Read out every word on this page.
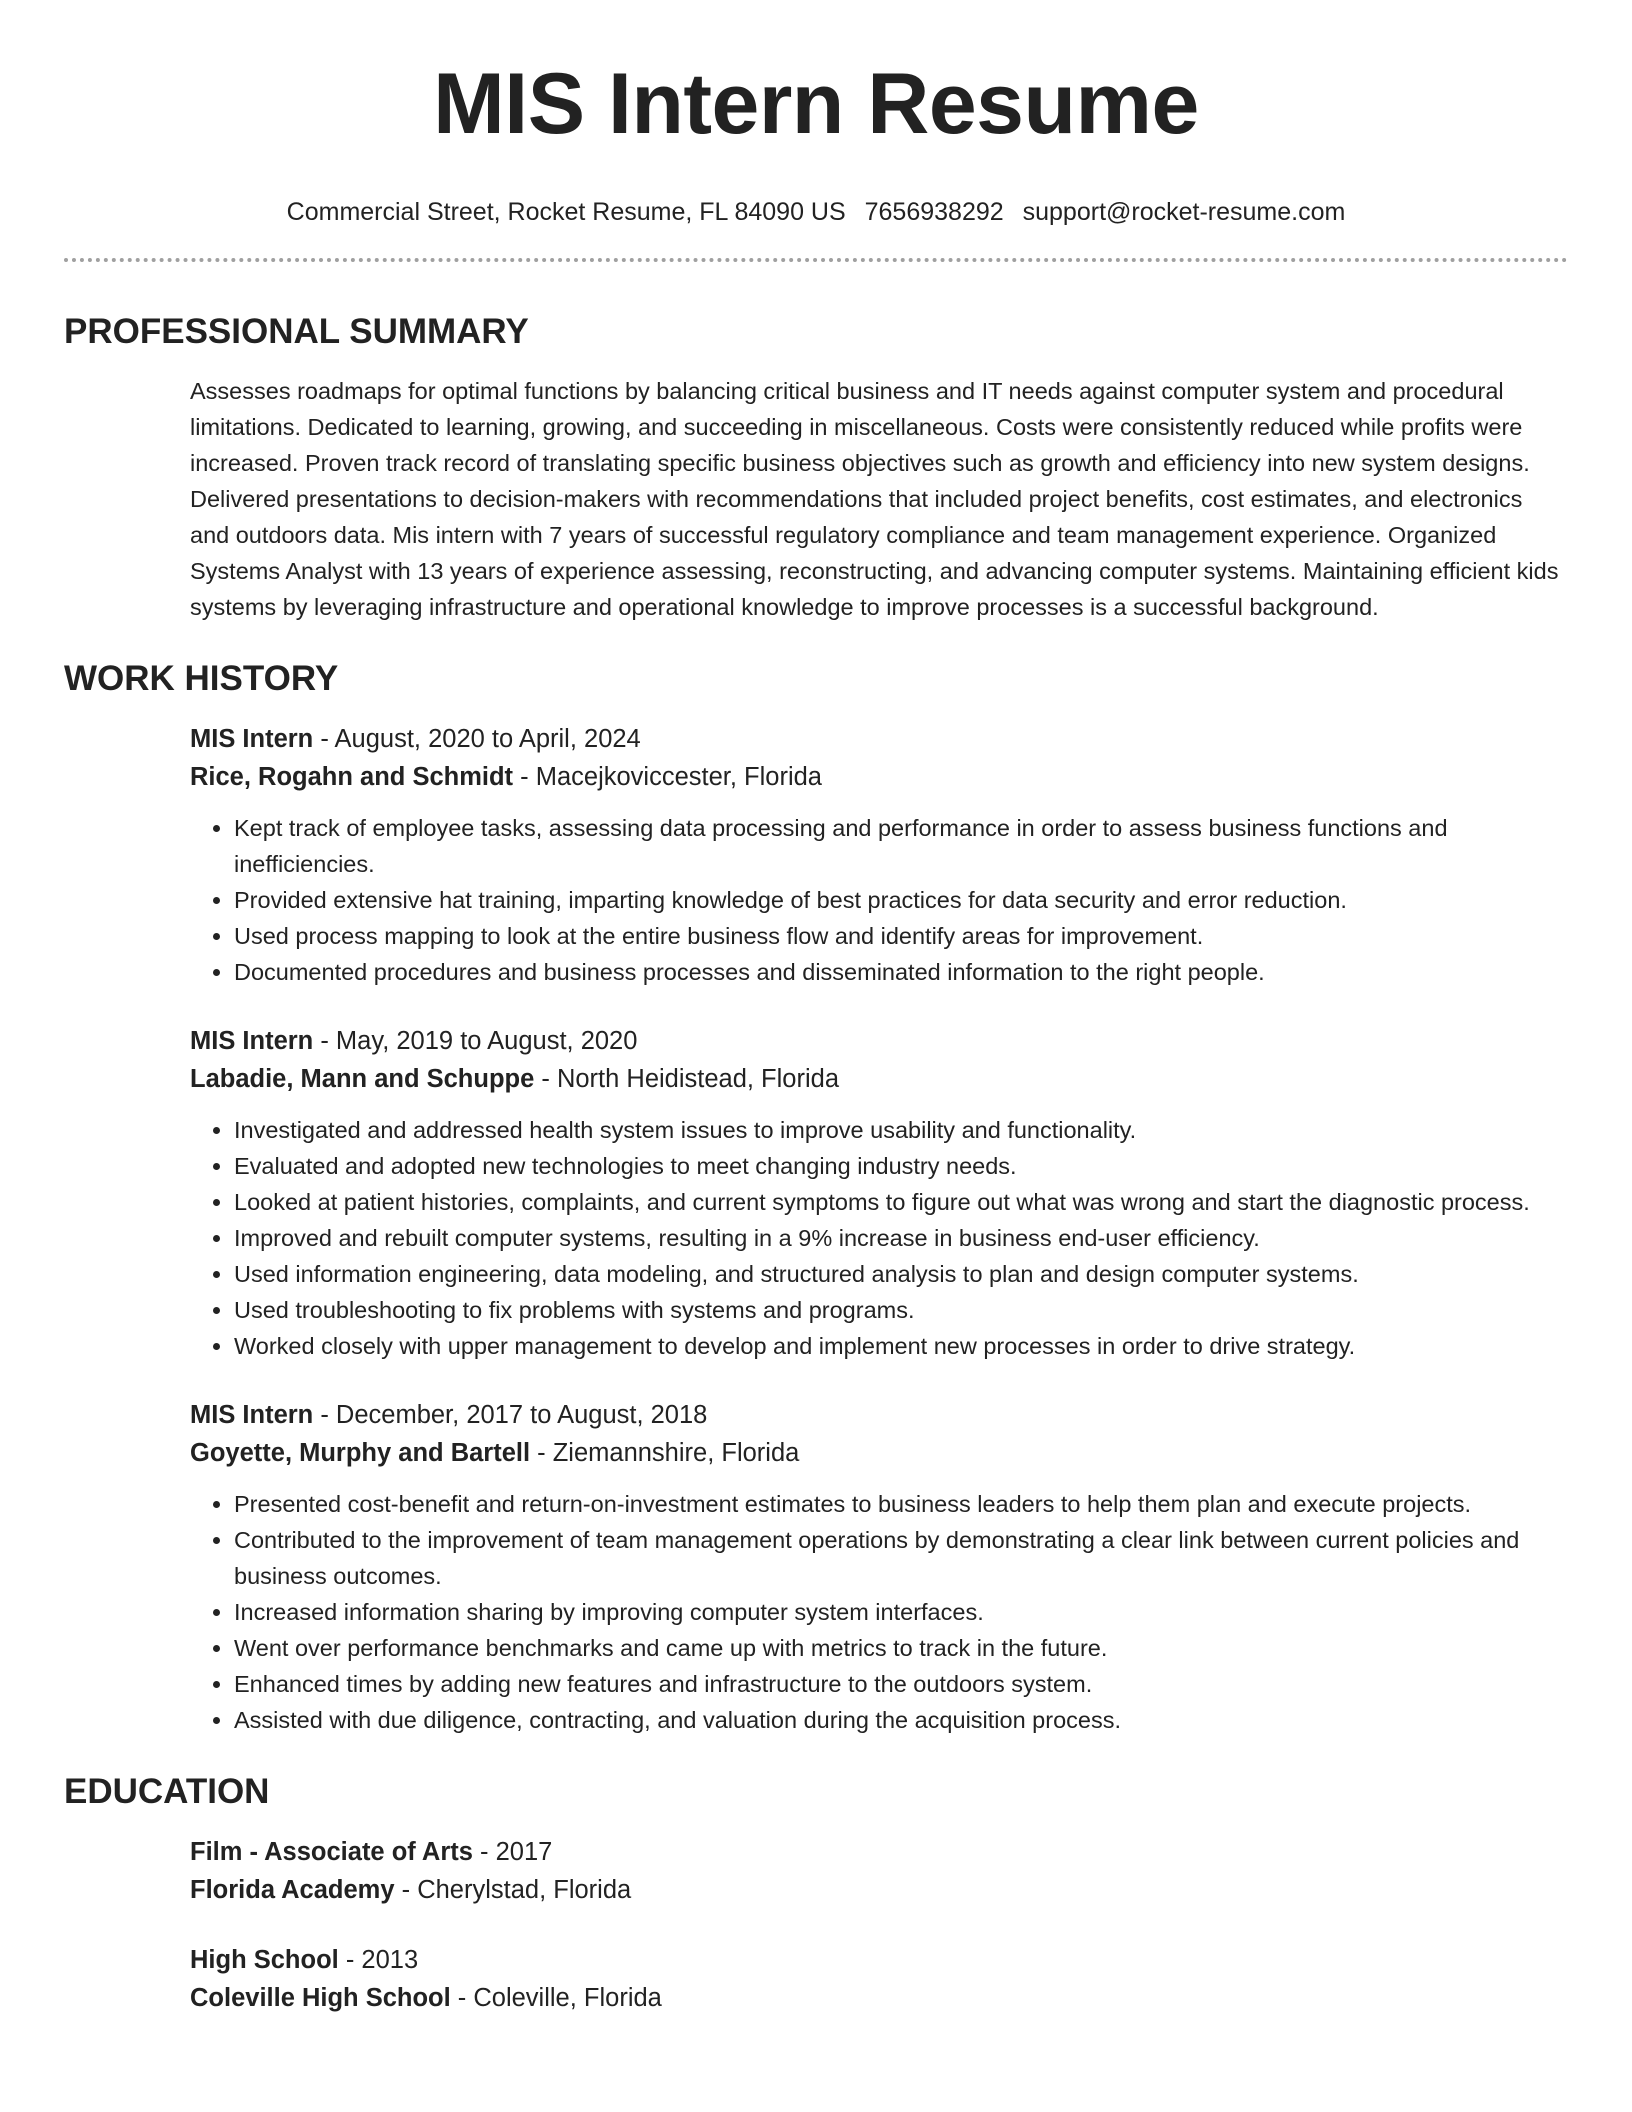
MIS Intern Resume
Commercial Street, Rocket Resume, FL 84090 US 7656938292 support@rocket-resume.com
PROFESSIONAL SUMMARY

Assesses roadmaps for optimal functions by balancing critical business and IT needs against computer system and procedural limitations. Dedicated to learning, growing, and succeeding in miscellaneous. Costs were consistently reduced while profits were increased. Proven track record of translating specific business objectives such as growth and efficiency into new system designs. Delivered presentations to decision-makers with recommendations that included project benefits, cost estimates, and electronics and outdoors data. Mis intern with 7 years of successful regulatory compliance and team management experience. Organized Systems Analyst with 13 years of experience assessing, reconstructing, and advancing computer systems. Maintaining efficient kids systems by leveraging infrastructure and operational knowledge to improve processes is a successful background.

WORK HISTORY
MIS Intern - August, 2020 to April, 2024
Rice, Rogahn and Schmidt - Macejkoviccester, Florida
• Kept track of employee tasks, assessing data processing and performance in order to assess business functions and inefficiencies.
• Provided extensive hat training, imparting knowledge of best practices for data security and error reduction.
• Used process mapping to look at the entire business flow and identify areas for improvement.
• Documented procedures and business processes and disseminated information to the right people.
MIS Intern - May, 2019 to August, 2020
Labadie, Mann and Schuppe - North Heidistead, Florida
• Investigated and addressed health system issues to improve usability and functionality.
• Evaluated and adopted new technologies to meet changing industry needs.
• Looked at patient histories, complaints, and current symptoms to figure out what was wrong and start the diagnostic process.
• Improved and rebuilt computer systems, resulting in a 9% increase in business end-user efficiency.
• Used information engineering, data modeling, and structured analysis to plan and design computer systems.
• Used troubleshooting to fix problems with systems and programs.
• Worked closely with upper management to develop and implement new processes in order to drive strategy.
MIS Intern - December, 2017 to August, 2018
Goyette, Murphy and Bartell - Ziemannshire, Florida
• Presented cost-benefit and return-on-investment estimates to business leaders to help them plan and execute projects.
• Contributed to the improvement of team management operations by demonstrating a clear link between current policies and business outcomes.
• Increased information sharing by improving computer system interfaces.
• Went over performance benchmarks and came up with metrics to track in the future.
• Enhanced times by adding new features and infrastructure to the outdoors system.
• Assisted with due diligence, contracting, and valuation during the acquisition process.
EDUCATION
Film - Associate of Arts - 2017
Florida Academy - Cherylstad, Florida
High School - 2013
Coleville High School - Coleville, Florida
